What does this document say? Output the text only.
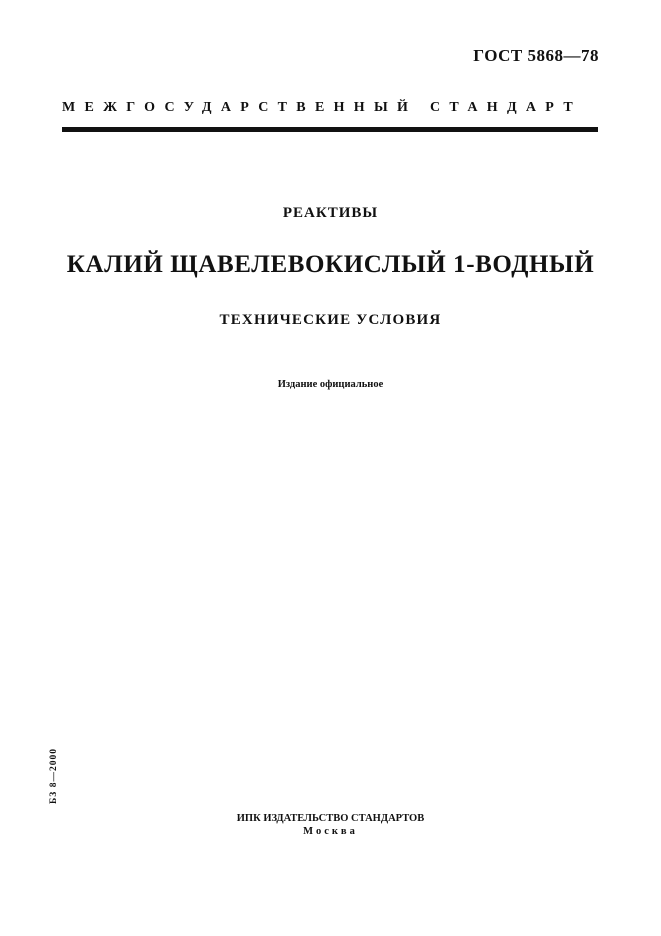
ГОСТ 5868—78
МЕЖГОСУДАРСТВЕННЫЙ СТАНДАРТ
РЕАКТИВЫ
КАЛИЙ ЩАВЕЛЕВОКИСЛЫЙ 1-ВОДНЫЙ
ТЕХНИЧЕСКИЕ УСЛОВИЯ
Издание официальное
БЗ 8—2000
ИПК ИЗДАТЕЛЬСТВО СТАНДАРТОВ
Москва
